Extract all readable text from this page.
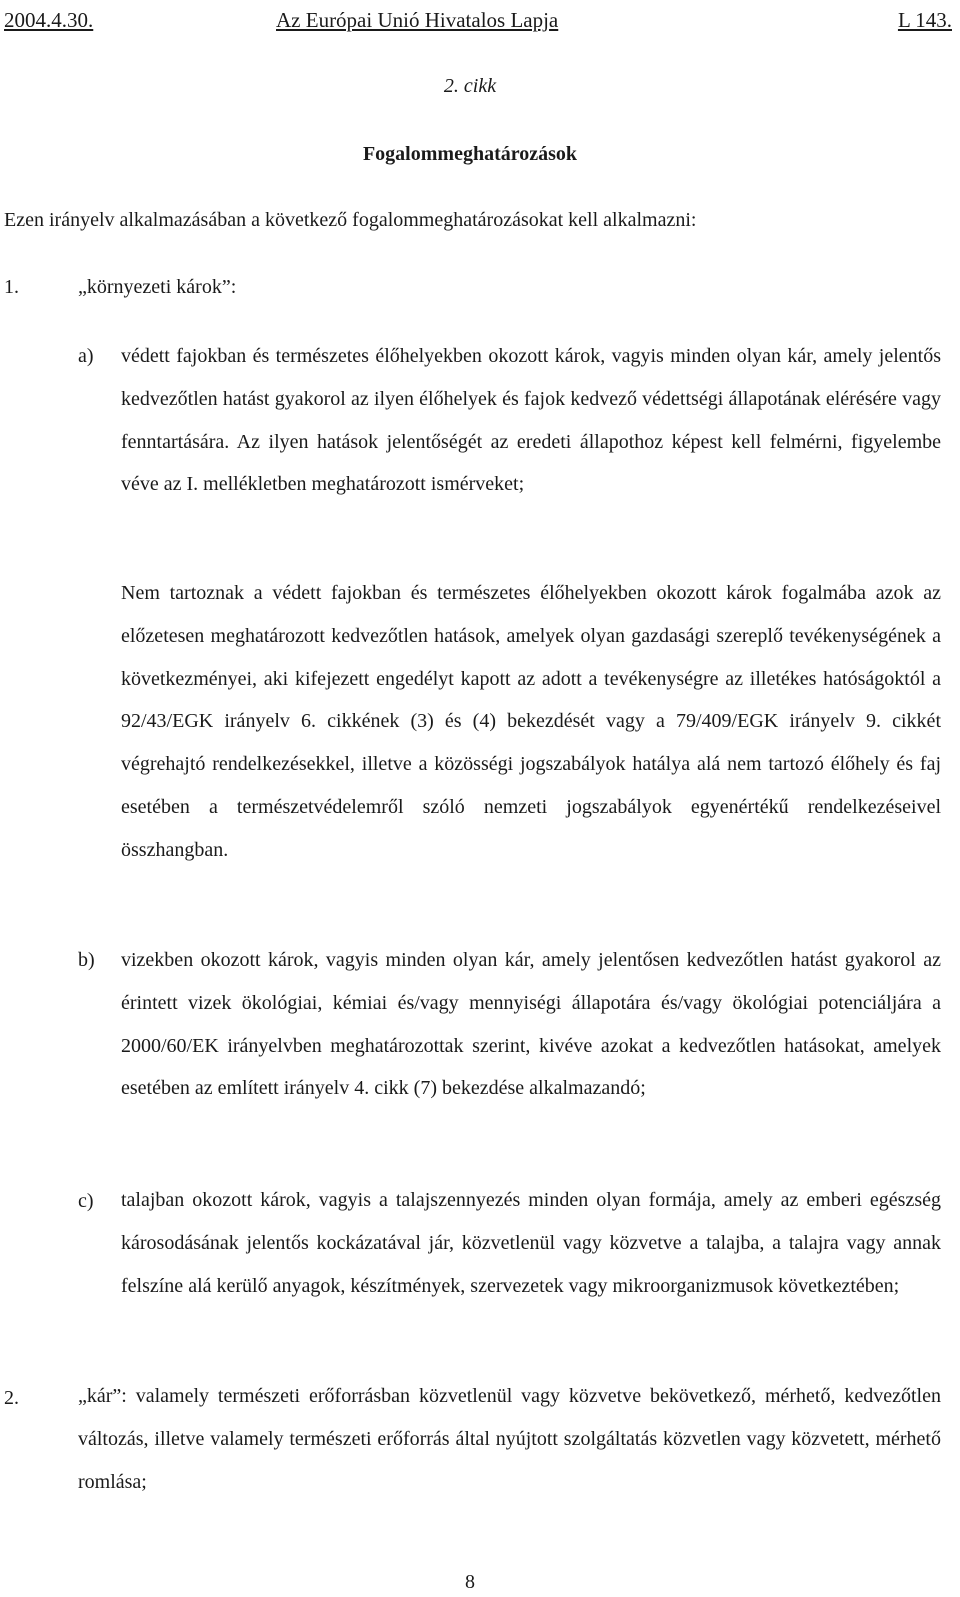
2004.4.30.	Az Európai Unió Hivatalos Lapja	L 143.
2. cikk
Fogalommeghatározások
Ezen irányelv alkalmazásában a következő fogalommeghatározásokat kell alkalmazni:
1.	„környezeti károk”:
a) védett fajokban és természetes élőhelyekben okozott károk, vagyis minden olyan kár, amely jelentős kedvezőtlen hatást gyakorol az ilyen élőhelyek és fajok kedvező védettségi állapotának elérésére vagy fenntartására. Az ilyen hatások jelentőségét az eredeti állapothoz képest kell felmérni, figyelembe véve az I. mellékletben meghatározott ismérveket;

Nem tartoznak a védett fajokban és természetes élőhelyekben okozott károk fogalmába azok az előzetesen meghatározott kedvezőtlen hatások, amelyek olyan gazdasági szereplő tevékenységének a következményei, aki kifejezett engedélyt kapott az adott a tevékenységre az illetékes hatóságoktól a 92/43/EGK irányelv 6. cikkének (3) és (4) bekezdését vagy a 79/409/EGK irányelv 9. cikkét végrehajtó rendelkezésekkel, illetve a közösségi jogszabályok hatálya alá nem tartozó élőhely és faj esetében a természetvédelemről szóló nemzeti jogszabályok egyenértékű rendelkezéseivel összhangban.

b) vizekben okozott károk, vagyis minden olyan kár, amely jelentősen kedvezőtlen hatást gyakorol az érintett vizek ökológiai, kémiai és/vagy mennyiségi állapotára és/vagy ökológiai potenciáljára a 2000/60/EK irányelvben meghatározottak szerint, kivéve azokat a kedvezőtlen hatásokat, amelyek esetében az említett irányelv 4. cikk (7) bekezdése alkalmazandó;

c) talajban okozott károk, vagyis a talajszennyezés minden olyan formája, amely az emberi egészség károsodásának jelentős kockázatával jár, közvetlenül vagy közvetve a talajba, a talajra vagy annak felszíne alá kerülő anyagok, készítmények, szervezetek vagy mikroorganizmusok következtében;

2.	„kár”: valamely természeti erőforrásban közvetlenül vagy közvetve bekövetkező, mérhető, kedvezőtlen változás, illetve valamely természeti erőforrás által nyújtott szolgáltatás közvetlen vagy közvetett, mérhető romlása;

8
